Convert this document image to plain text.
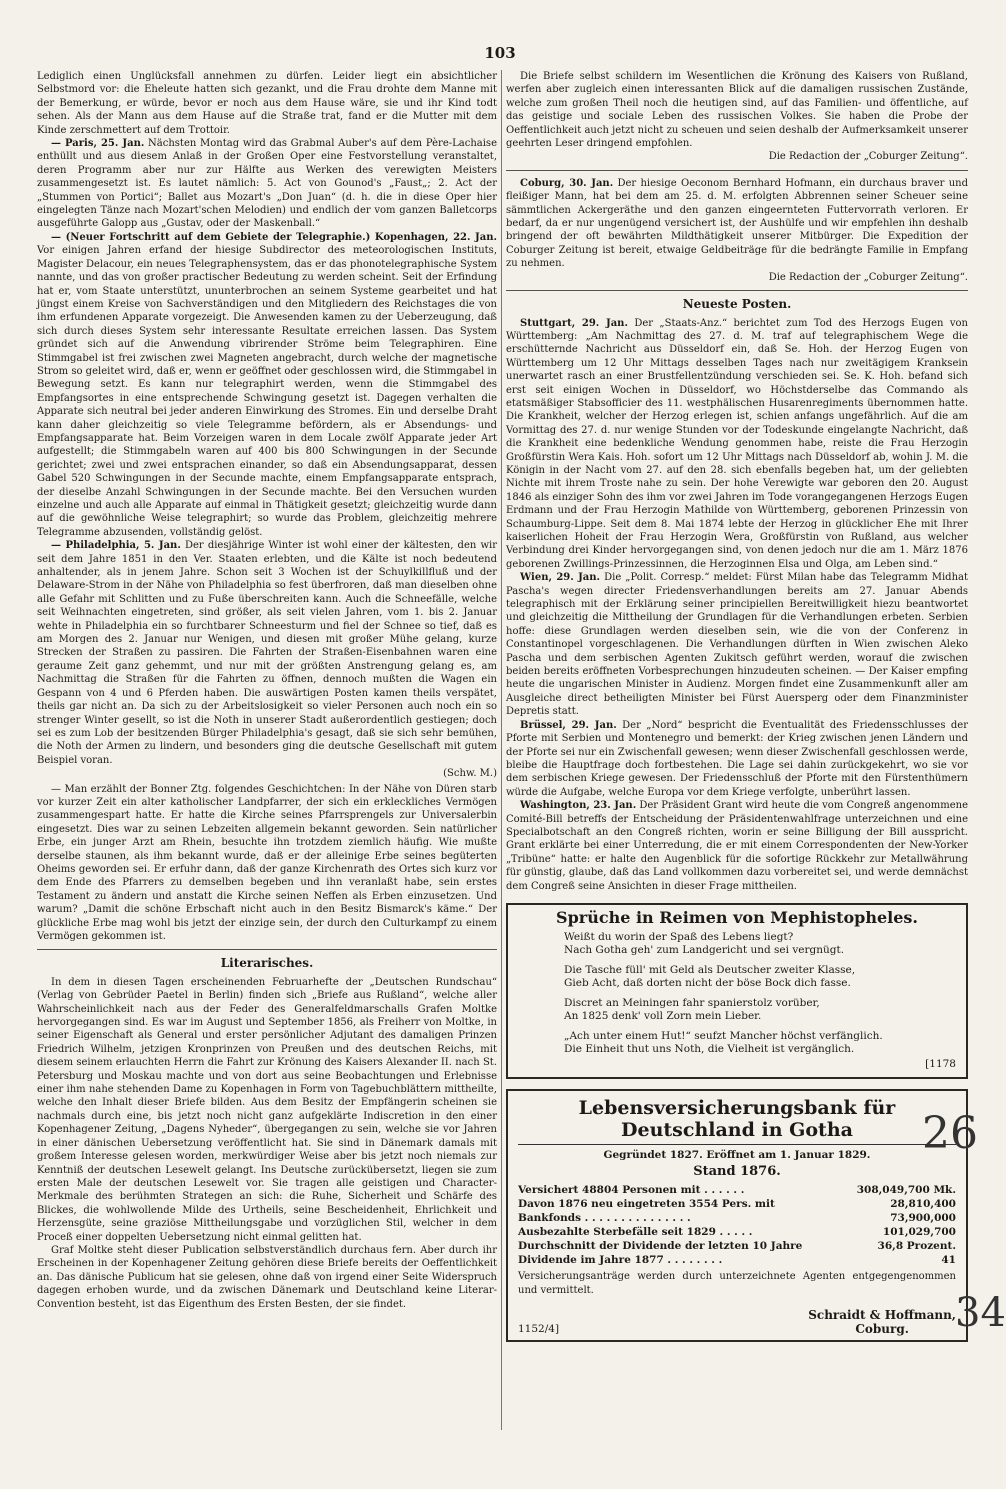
103

Lediglich einen Unglücksfall annehmen zu dürfen. Leider liegt ein absichtlicher Selbstmord vor: die Eheleute hatten sich gezankt, und die Frau drohte dem Manne mit der Bemerkung, er würde, bevor er noch aus dem Hause wäre, sie und ihr Kind todt sehen. Als der Mann aus dem Hause auf die Straße trat, fand er die Mutter mit dem Kinde zerschmettert auf dem Trottoir.

— Paris, 25. Jan. Nächsten Montag wird das Grabmal Auber's auf dem Père-Lachaise enthüllt und aus diesem Anlaß in der Großen Oper eine Festvorstellung veranstaltet, deren Programm aber nur zur Hälfte aus Werken des verewigten Meisters zusammengesetzt ist. Es lautet nämlich: 5. Act von Gounod's „Faust„; 2. Act der „Stummen von Portici“; Ballet aus Mozart's „Don Juan“ (d. h. die in diese Oper hier eingelegten Tänze nach Mozart'schen Melodien) und endlich der vom ganzen Balletcorps ausgeführte Galopp aus „Gustav, oder der Maskenball.“

— (Neuer Fortschritt auf dem Gebiete der Telegraphie.) Kopenhagen, 22. Jan. Vor einigen Jahren erfand der hiesige Subdirector des meteorologischen Instituts, Magister Delacour, ein neues Telegraphensystem, das er das phonotelegraphische System nannte, und das von großer practischer Bedeutung zu werden scheint. Seit der Erfindung hat er, vom Staate unterstützt, ununterbrochen an seinem Systeme gearbeitet und hat jüngst einem Kreise von Sachverständigen und den Mitgliedern des Reichstages die von ihm erfundenen Apparate vorgezeigt. Die Anwesenden kamen zu der Ueberzeugung, daß sich durch dieses System sehr interessante Resultate erreichen lassen. Das System gründet sich auf die Anwendung vibrirender Ströme beim Telegraphiren. Eine Stimmgabel ist frei zwischen zwei Magneten angebracht, durch welche der magnetische Strom so geleitet wird, daß er, wenn er geöffnet oder geschlossen wird, die Stimmgabel in Bewegung setzt. Es kann nur telegraphirt werden, wenn die Stimmgabel des Empfangsortes in eine entsprechende Schwingung gesetzt ist. Dagegen verhalten die Apparate sich neutral bei jeder anderen Einwirkung des Stromes. Ein und derselbe Draht kann daher gleichzeitig so viele Telegramme befördern, als er Absendungs- und Empfangsapparate hat. Beim Vorzeigen waren in dem Locale zwölf Apparate jeder Art aufgestellt; die Stimmgabeln waren auf 400 bis 800 Schwingungen in der Secunde gerichtet; zwei und zwei entsprachen einander, so daß ein Absendungsapparat, dessen Gabel 520 Schwingungen in der Secunde machte, einem Empfangsapparate entsprach, der dieselbe Anzahl Schwingungen in der Secunde machte. Bei den Versuchen wurden einzelne und auch alle Apparate auf einmal in Thätigkeit gesetzt; gleichzeitig wurde dann auf die gewöhnliche Weise telegraphirt; so wurde das Problem, gleichzeitig mehrere Telegramme abzusenden, vollständig gelöst.

— Philadelphia, 5. Jan. Der diesjährige Winter ist wohl einer der kältesten, den wir seit dem Jahre 1851 in den Ver. Staaten erlebten, und die Kälte ist noch bedeutend anhaltender, als in jenem Jahre. Schon seit 3 Wochen ist der Schuylkillfluß und der Delaware-Strom in der Nähe von Philadelphia so fest überfroren, daß man dieselben ohne alle Gefahr mit Schlitten und zu Fuße überschreiten kann. Auch die Schneefälle, welche seit Weihnachten eingetreten, sind größer, als seit vielen Jahren, vom 1. bis 2. Januar wehte in Philadelphia ein so furchtbarer Schneesturm und fiel der Schnee so tief, daß es am Morgen des 2. Januar nur Wenigen, und diesen mit großer Mühe gelang, kurze Strecken der Straßen zu passiren. Die Fahrten der Straßen-Eisenbahnen waren eine geraume Zeit ganz gehemmt, und nur mit der größten Anstrengung gelang es, am Nachmittag die Straßen für die Fahrten zu öffnen, dennoch mußten die Wagen ein Gespann von 4 und 6 Pferden haben. Die auswärtigen Posten kamen theils verspätet, theils gar nicht an. Da sich zu der Arbeitslosigkeit so vieler Personen auch noch ein so strenger Winter gesellt, so ist die Noth in unserer Stadt außerordentlich gestiegen; doch sei es zum Lob der besitzenden Bürger Philadelphia's gesagt, daß sie sich sehr bemühen, die Noth der Armen zu lindern, und besonders ging die deutsche Gesellschaft mit gutem Beispiel voran.

(Schw. M.)

— Man erzählt der Bonner Ztg. folgendes Geschichtchen: In der Nähe von Düren starb vor kurzer Zeit ein alter katholischer Landpfarrer, der sich ein erkleckliches Vermögen zusammengespart hatte. Er hatte die Kirche seines Pfarrsprengels zur Universalerbin eingesetzt. Dies war zu seinen Lebzeiten allgemein bekannt geworden. Sein natürlicher Erbe, ein junger Arzt am Rhein, besuchte ihn trotzdem ziemlich häufig. Wie mußte derselbe staunen, als ihm bekannt wurde, daß er der alleinige Erbe seines begüterten Oheims geworden sei. Er erfuhr dann, daß der ganze Kirchenrath des Ortes sich kurz vor dem Ende des Pfarrers zu demselben begeben und ihn veranlaßt habe, sein erstes Testament zu ändern und anstatt die Kirche seinen Neffen als Erben einzusetzen. Und warum? „Damit die schöne Erbschaft nicht auch in den Besitz Bismarck's käme.“ Der glückliche Erbe mag wohl bis jetzt der einzige sein, der durch den Culturkampf zu einem Vermögen gekommen ist.

Literarisches.

In dem in diesen Tagen erscheinenden Februarhefte der „Deutschen Rundschau“ (Verlag von Gebrüder Paetel in Berlin) finden sich „Briefe aus Rußland“, welche aller Wahrscheinlichkeit nach aus der Feder des Generalfeldmarschalls Grafen Moltke hervorgegangen sind. Es war im August und September 1856, als Freiherr von Moltke, in seiner Eigenschaft als General und erster persönlicher Adjutant des damaligen Prinzen Friedrich Wilhelm, jetzigen Kronprinzen von Preußen und des deutschen Reichs, mit diesem seinem erlauchten Herrn die Fahrt zur Krönung des Kaisers Alexander II. nach St. Petersburg und Moskau machte und von dort aus seine Beobachtungen und Erlebnisse einer ihm nahe stehenden Dame zu Kopenhagen in Form von Tagebuchblättern mittheilte, welche den Inhalt dieser Briefe bilden. Aus dem Besitz der Empfängerin scheinen sie nachmals durch eine, bis jetzt noch nicht ganz aufgeklärte Indiscretion in den einer Kopenhagener Zeitung, „Dagens Nyheder“, übergegangen zu sein, welche sie vor Jahren in einer dänischen Uebersetzung veröffentlicht hat. Sie sind in Dänemark damals mit großem Interesse gelesen worden, merkwürdiger Weise aber bis jetzt noch niemals zur Kenntniß der deutschen Lesewelt gelangt. Ins Deutsche zurückübersetzt, liegen sie zum ersten Male der deutschen Lesewelt vor. Sie tragen alle geistigen und Character-Merkmale des berühmten Strategen an sich: die Ruhe, Sicherheit und Schärfe des Blickes, die wohlwollende Milde des Urtheils, seine Bescheidenheit, Ehrlichkeit und Herzensgüte, seine graziöse Mittheilungsgabe und vorzüglichen Stil, welcher in dem Proceß einer doppelten Uebersetzung nicht einmal gelitten hat.

Graf Moltke steht dieser Publication selbstverständlich durchaus fern. Aber durch ihr Erscheinen in der Kopenhagener Zeitung gehören diese Briefe bereits der Oeffentlichkeit an. Das dänische Publicum hat sie gelesen, ohne daß von irgend einer Seite Widerspruch dagegen erhoben wurde, und da zwischen Dänemark und Deutschland keine Literar-Convention besteht, ist das Eigenthum des Ersten Besten, der sie findet.

Die Briefe selbst schildern im Wesentlichen die Krönung des Kaisers von Rußland, werfen aber zugleich einen interessanten Blick auf die damaligen russischen Zustände, welche zum großen Theil noch die heutigen sind, auf das Familien- und öffentliche, auf das geistige und sociale Leben des russischen Volkes. Sie haben die Probe der Oeffentlichkeit auch jetzt nicht zu scheuen und seien deshalb der Aufmerksamkeit unserer geehrten Leser dringend empfohlen.

Die Redaction der „Coburger Zeitung“.

Coburg, 30. Jan. Der hiesige Oeconom Bernhard Hofmann, ein durchaus braver und fleißiger Mann, hat bei dem am 25. d. M. erfolgten Abbrennen seiner Scheuer seine sämmtlichen Ackergeräthe und den ganzen eingeernteten Futtervorrath verloren. Er bedarf, da er nur ungenügend versichert ist, der Aushülfe und wir empfehlen ihn deshalb bringend der oft bewährten Mildthätigkeit unserer Mitbürger. Die Expedition der Coburger Zeitung ist bereit, etwaige Geldbeiträge für die bedrängte Familie in Empfang zu nehmen.

Die Redaction der „Coburger Zeitung“.
Neueste Posten.

Stuttgart, 29. Jan. Der „Staats-Anz.“ berichtet zum Tod des Herzogs Eugen von Württemberg: „Am Nachmittag des 27. d. M. traf auf telegraphischem Wege die erschütternde Nachricht aus Düsseldorf ein, daß Se. Hoh. der Herzog Eugen von Württemberg um 12 Uhr Mittags desselben Tages nach nur zweitägigem Kranksein unerwartet rasch an einer Brustfellentzündung verschieden sei. Se. K. Hoh. befand sich erst seit einigen Wochen in Düsseldorf, wo Höchstderselbe das Commando als etatsmäßiger Stabsofficier des 11. westphälischen Husarenregiments übernommen hatte. Die Krankheit, welcher der Herzog erlegen ist, schien anfangs ungefährlich. Auf die am Vormittag des 27. d. nur wenige Stunden vor der Todeskunde eingelangte Nachricht, daß die Krankheit eine bedenkliche Wendung genommen habe, reiste die Frau Herzogin Großfürstin Wera Kais. Hoh. sofort um 12 Uhr Mittags nach Düsseldorf ab, wohin J. M. die Königin in der Nacht vom 27. auf den 28. sich ebenfalls begeben hat, um der geliebten Nichte mit ihrem Troste nahe zu sein. Der hohe Verewigte war geboren den 20. August 1846 als einziger Sohn des ihm vor zwei Jahren im Tode vorangegangenen Herzogs Eugen Erdmann und der Frau Herzogin Mathilde von Württemberg, geborenen Prinzessin von Schaumburg-Lippe. Seit dem 8. Mai 1874 lebte der Herzog in glücklicher Ehe mit Ihrer kaiserlichen Hoheit der Frau Herzogin Wera, Großfürstin von Rußland, aus welcher Verbindung drei Kinder hervorgegangen sind, von denen jedoch nur die am 1. März 1876 geborenen Zwillings-Prinzessinnen, die Herzoginnen Elsa und Olga, am Leben sind.“

Wien, 29. Jan. Die „Polit. Corresp.“ meldet: Fürst Milan habe das Telegramm Midhat Pascha's wegen directer Friedensverhandlungen bereits am 27. Januar Abends telegraphisch mit der Erklärung seiner principiellen Bereitwilligkeit hiezu beantwortet und gleichzeitig die Mittheilung der Grundlagen für die Verhandlungen erbeten. Serbien hoffe: diese Grundlagen werden dieselben sein, wie die von der Conferenz in Constantinopel vorgeschlagenen. Die Verhandlungen dürften in Wien zwischen Aleko Pascha und dem serbischen Agenten Zukitsch geführt werden, worauf die zwischen beiden bereits eröffneten Vorbesprechungen hinzudeuten scheinen. — Der Kaiser empfing heute die ungarischen Minister in Audienz. Morgen findet eine Zusammenkunft aller am Ausgleiche direct betheiligten Minister bei Fürst Auersperg oder dem Finanzminister Depretis statt.

Brüssel, 29. Jan. Der „Nord“ bespricht die Eventualität des Friedensschlusses der Pforte mit Serbien und Montenegro und bemerkt: der Krieg zwischen jenen Ländern und der Pforte sei nur ein Zwischenfall gewesen; wenn dieser Zwischenfall geschlossen werde, bleibe die Hauptfrage doch fortbestehen. Die Lage sei dahin zurückgekehrt, wo sie vor dem serbischen Kriege gewesen. Der Friedensschluß der Pforte mit den Fürstenthümern würde die Aufgabe, welche Europa vor dem Kriege verfolgte, unberührt lassen.

Washington, 23. Jan. Der Präsident Grant wird heute die vom Congreß angenommene Comité-Bill betreffs der Entscheidung der Präsidentenwahlfrage unterzeichnen und eine Specialbotschaft an den Congreß richten, worin er seine Billigung der Bill ausspricht. Grant erklärte bei einer Unterredung, die er mit einem Correspondenten der New-Yorker „Tribüne“ hatte: er halte den Augenblick für die sofortige Rückkehr zur Metallwährung für günstig, glaube, daß das Land vollkommen dazu vorbereitet sei, und werde demnächst dem Congreß seine Ansichten in dieser Frage mittheilen.

Sprüche in Reimen von Mephistopheles.

Weißt du worin der Spaß des Lebens liegt?

Nach Gotha geh' zum Landgericht und sei vergnügt.

Die Tasche füll' mit Geld als Deutscher zweiter Klasse,

Gieb Acht, daß dorten nicht der böse Bock dich fasse.

Discret an Meiningen fahr spanierstolz vorüber,

An 1825 denk' voll Zorn mein Lieber.

„Ach unter einem Hut!“ seufzt Mancher höchst verfänglich.

Die Einheit thut uns Noth, die Vielheit ist vergänglich.

[1178
Lebensversicherungsbank für Deutschland in Gotha
Gegründet 1827. Eröffnet am 1. Januar 1829.
Stand 1876.
Versichert 48804 Personen mit . . . . . .	308,049,700 Mk.
Davon 1876 neu eingetreten 3554 Pers. mit	28,810,400
Bankfonds . . . . . . . . . . . . . . .	73,900,000
Ausbezahlte Sterbefälle seit 1829 . . . . .	101,029,700
Durchschnitt der Dividende der letzten 10 Jahre	36,8 Prozent.
Dividende im Jahre 1877 . . . . . . . .	41
Versicherungsanträge werden durch unterzeichnete Agenten entgegengenommen und vermittelt.
1152/4]
Schraidt & Hoffmann,
Coburg.
26
34
